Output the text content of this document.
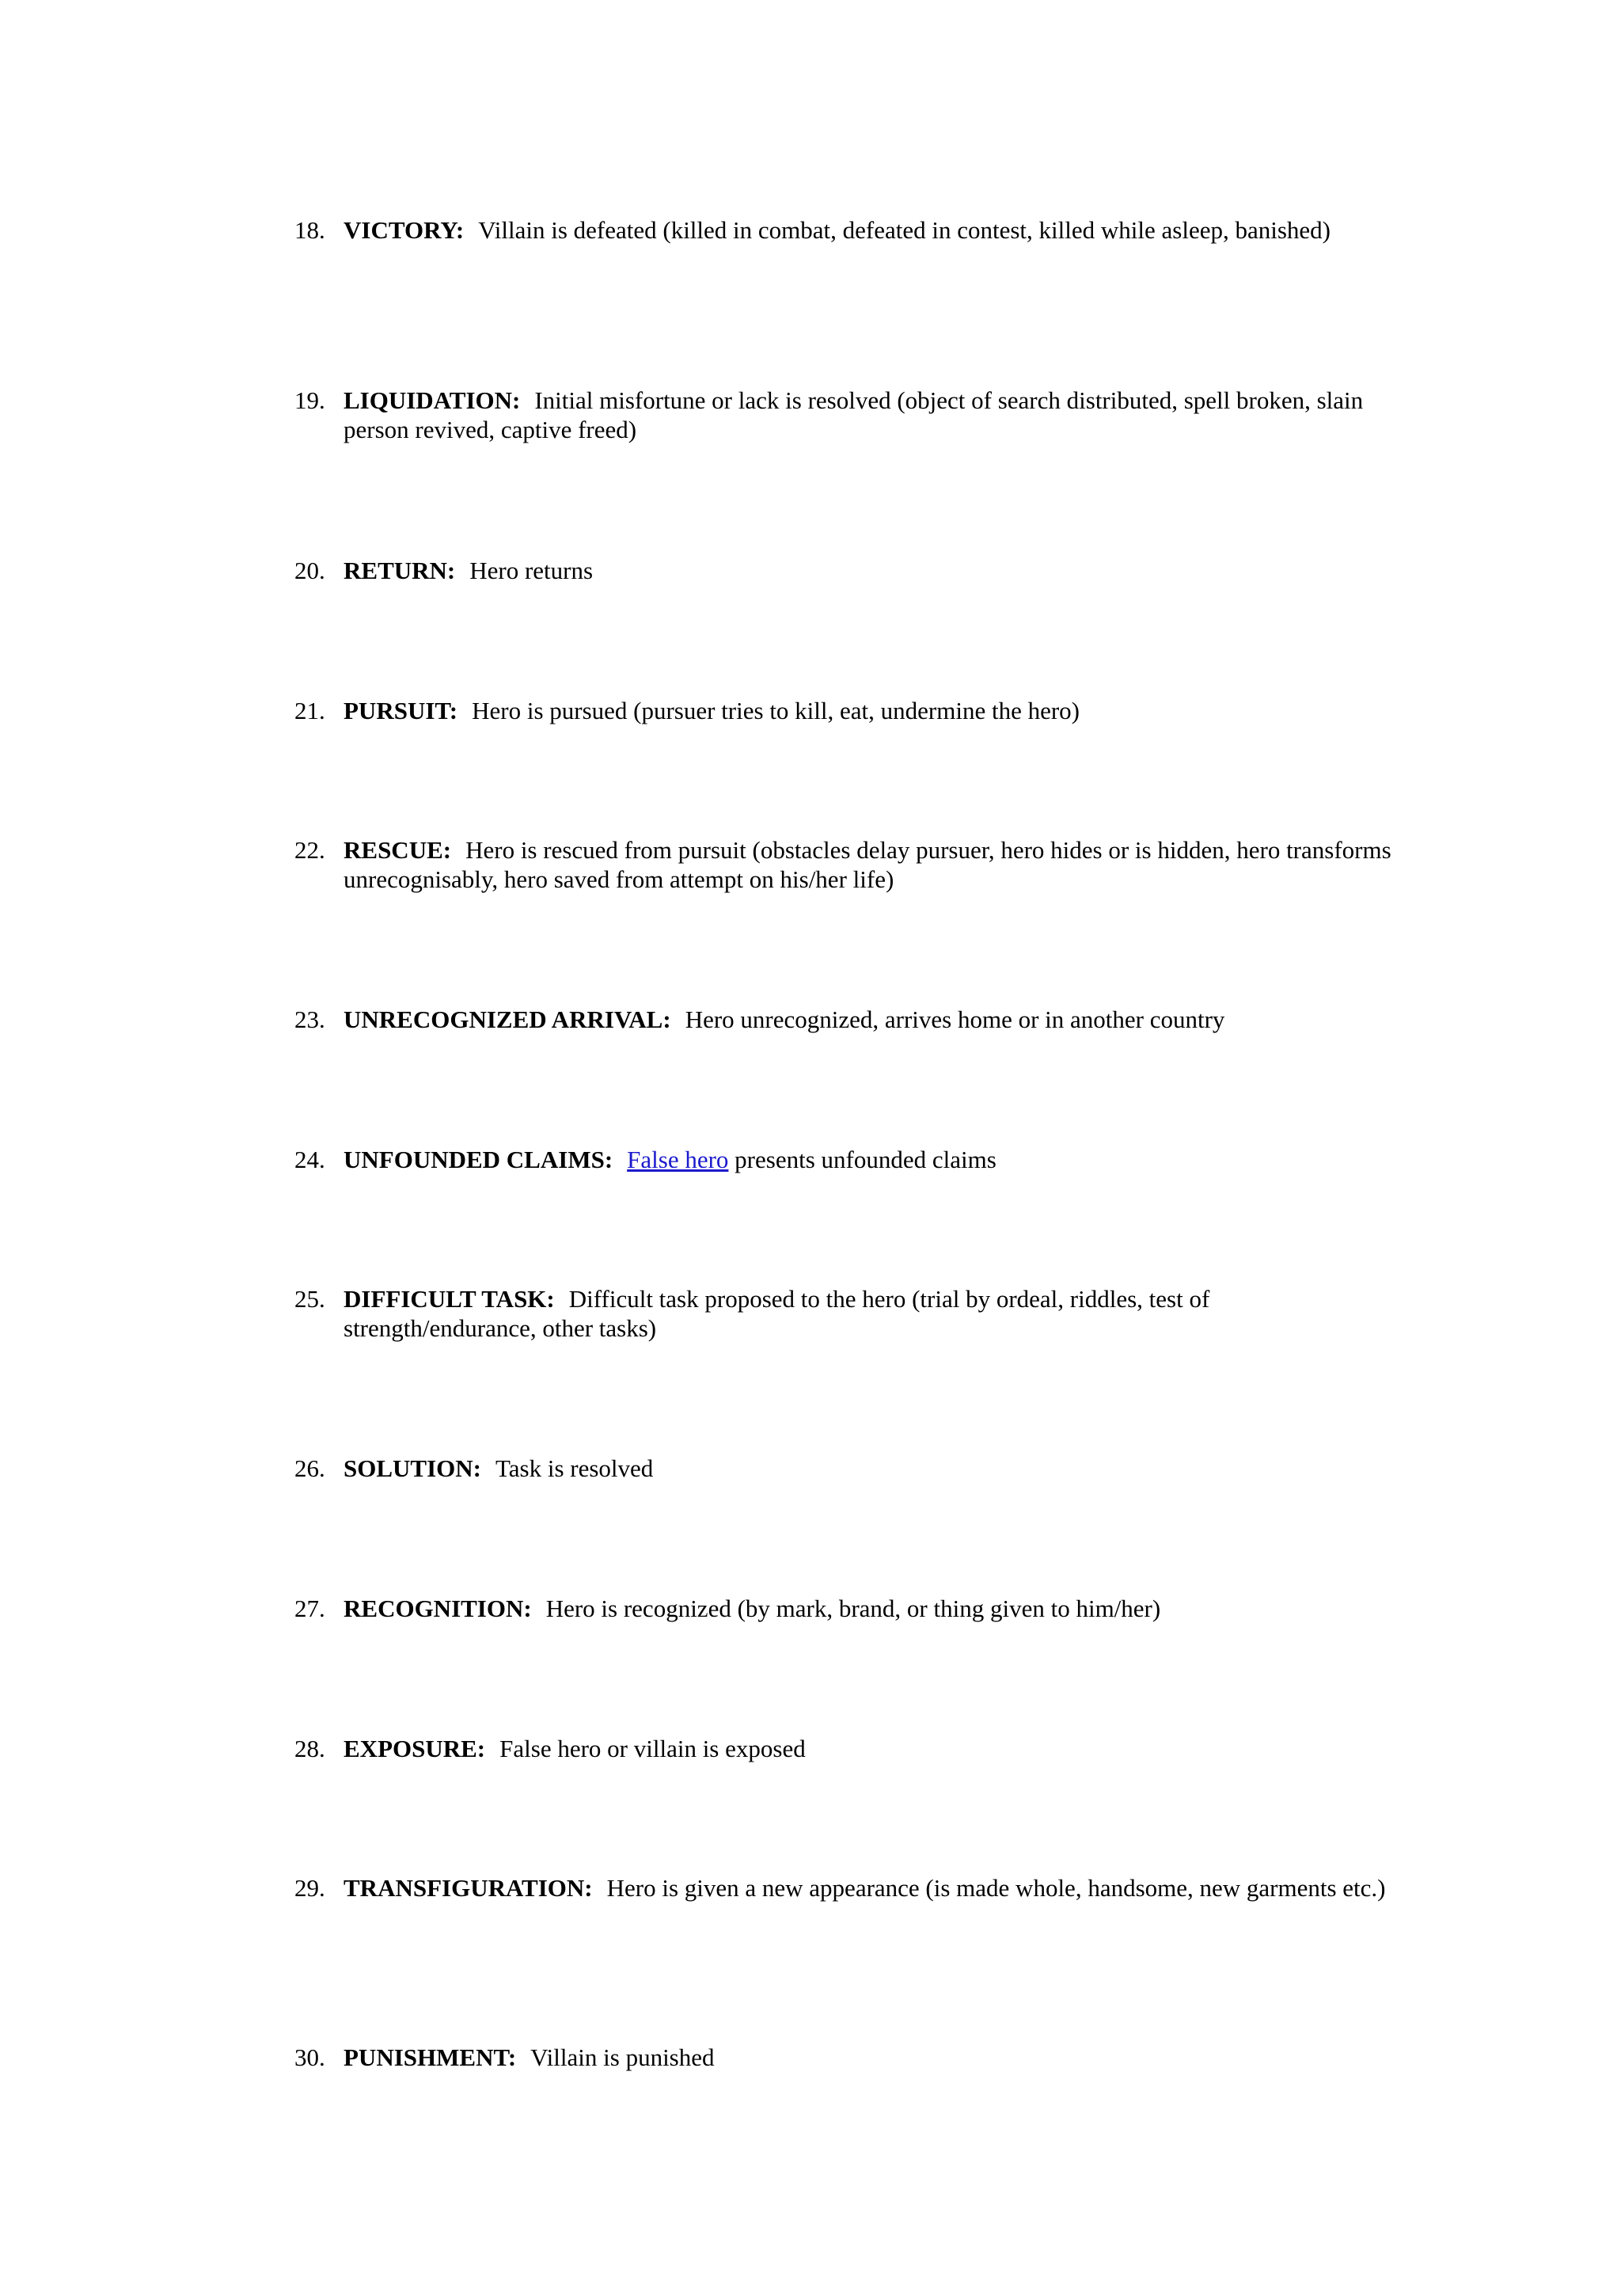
18. VICTORY: Villain is defeated (killed in combat, defeated in contest, killed while asleep, banished)
19. LIQUIDATION: Initial misfortune or lack is resolved (object of search distributed, spell broken, slain person revived, captive freed)
20. RETURN: Hero returns
21. PURSUIT: Hero is pursued (pursuer tries to kill, eat, undermine the hero)
22. RESCUE: Hero is rescued from pursuit (obstacles delay pursuer, hero hides or is hidden, hero transforms unrecognisably, hero saved from attempt on his/her life)
23. UNRECOGNIZED ARRIVAL: Hero unrecognized, arrives home or in another country
24. UNFOUNDED CLAIMS: False hero presents unfounded claims
25. DIFFICULT TASK: Difficult task proposed to the hero (trial by ordeal, riddles, test of strength/endurance, other tasks)
26. SOLUTION: Task is resolved
27. RECOGNITION: Hero is recognized (by mark, brand, or thing given to him/her)
28. EXPOSURE: False hero or villain is exposed
29. TRANSFIGURATION: Hero is given a new appearance (is made whole, handsome, new garments etc.)
30. PUNISHMENT: Villain is punished
